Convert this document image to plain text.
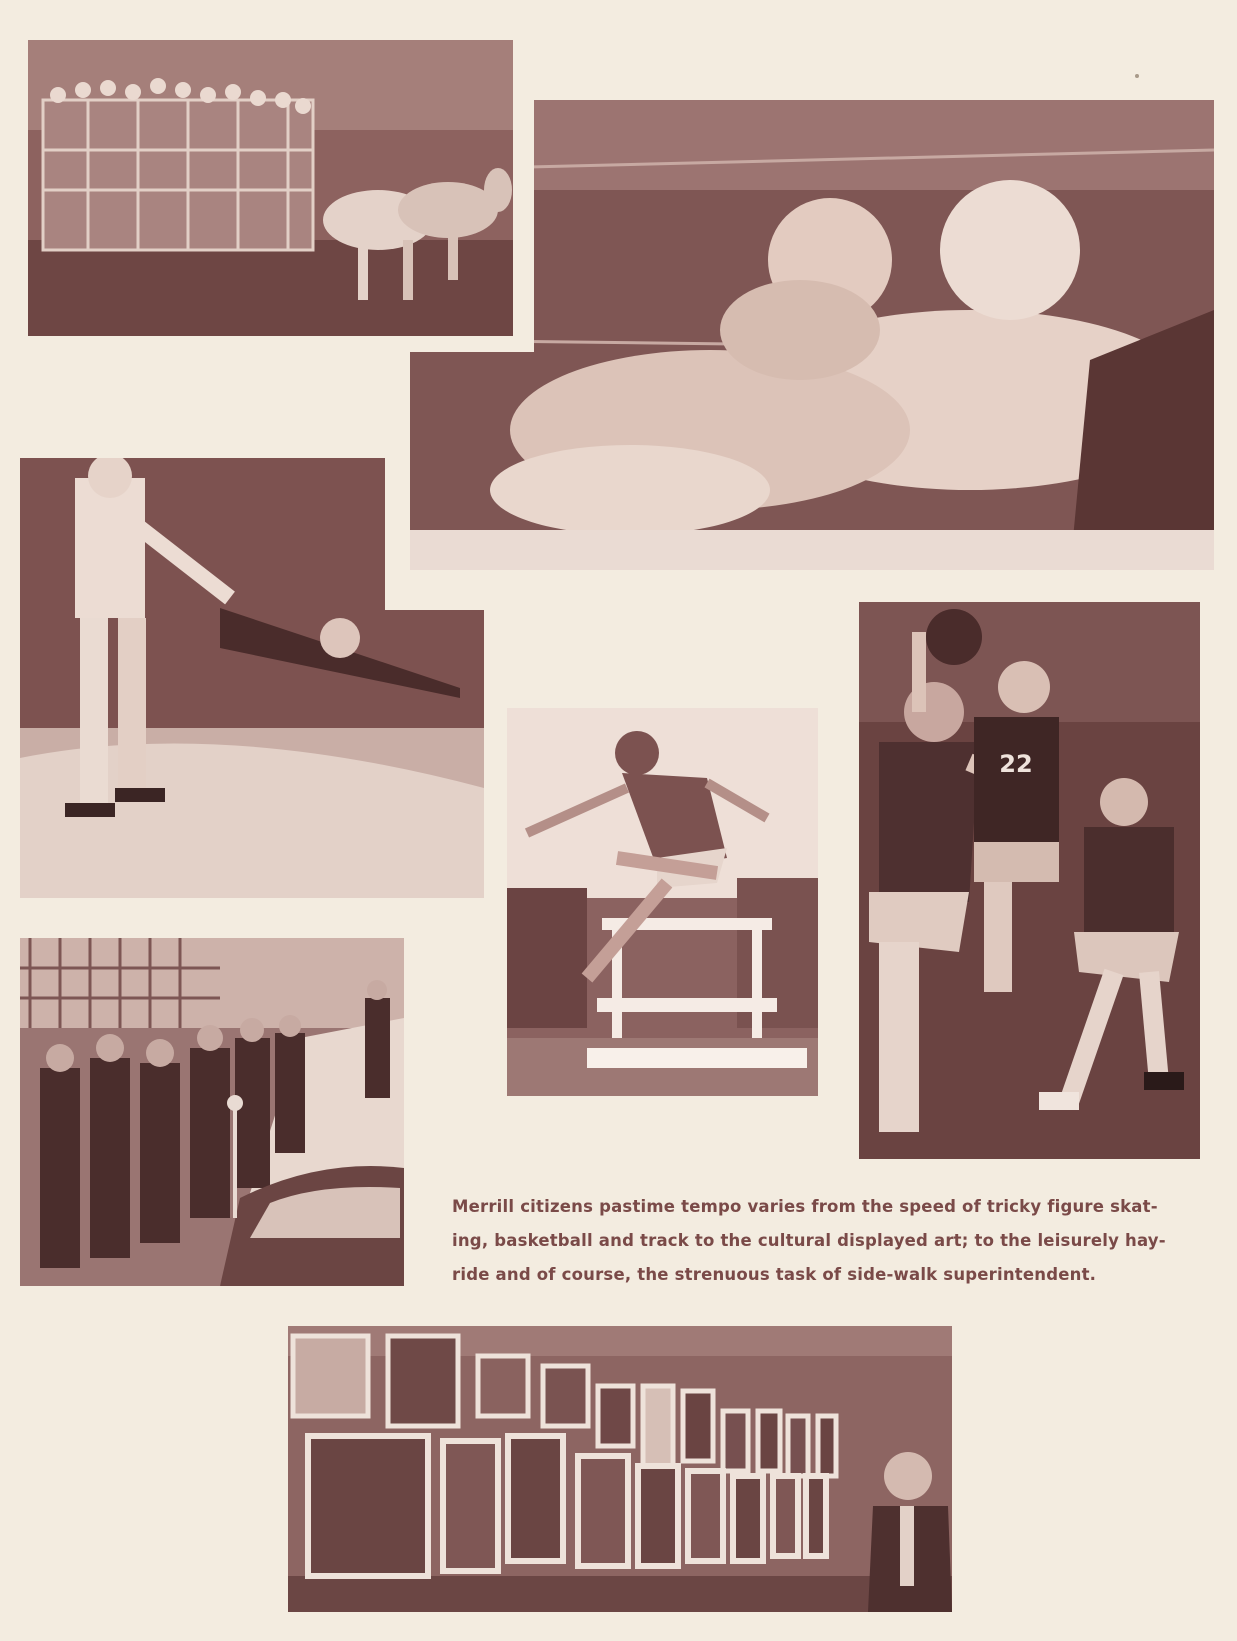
22
Merrill citizens pastime tempo varies from the speed of tricky figure skat-
ing, basketball and track to the cultural displayed art; to the leisurely hay-
ride and of course, the strenuous task of side-walk superintendent.
